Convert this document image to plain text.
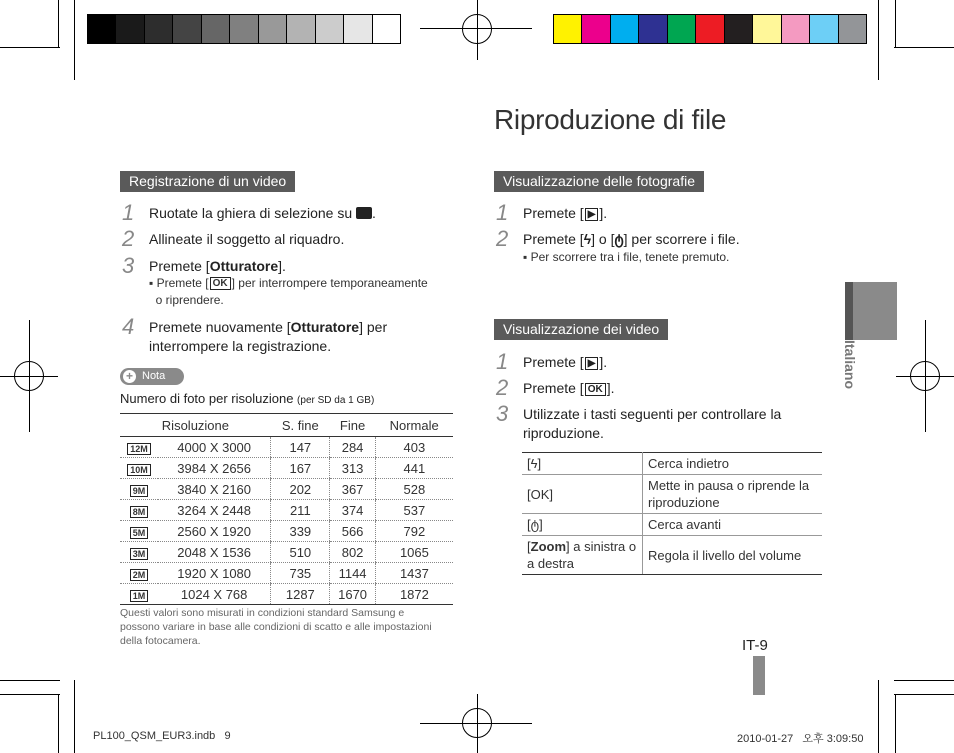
Riproduzione di file
Italiano
Registrazione di un video
1 Ruotate la ghiera di selezione su .
2 Allineate il soggetto al riquadro.
3 Premete [Otturatore].
▪ Premete [ OK ] per interrompere temporaneamente
o riprendere.
4 Premete nuovamente [Otturatore] per
interrompere la registrazione.
+ Nota
Numero di foto per risoluzione (per SD da 1 GB)
Risoluzione		S. fine	Fine	Normale
12M	4000 X 3000	147	284	403
10M	3984 X 2656	167	313	441
9M	3840 X 2160	202	367	528
8M	3264 X 2448	211	374	537
5M	2560 X 1920	339	566	792
3M	2048 X 1536	510	802	1065
2M	1920 X 1080	735	1144	1437
1M	1024 X 768	1287	1670	1872
Questi valori sono misurati in condizioni standard Samsung e
possono variare in base alle condizioni di scatto e alle impostazioni
della fotocamera.
Visualizzazione delle fotografie
1 Premete [ ▶ ].
2 Premete [ϟ] o [ტ] per scorrere i file.
▪ Per scorrere tra i file, tenete premuto.
Visualizzazione dei video
1 Premete [ ▶ ].
2 Premete [ OK ].
3 Utilizzate i tasti seguenti per controllare la
riproduzione.
[ϟ]	Cerca indietro
[OK]	Mette in pausa o riprende la riproduzione
[ტ]	Cerca avanti
[Zoom] a sinistra o a destra	Regola il livello del volume
IT-9
PL100_QSM_EUR3.indb   9	2010-01-27   오후 3:09:50
